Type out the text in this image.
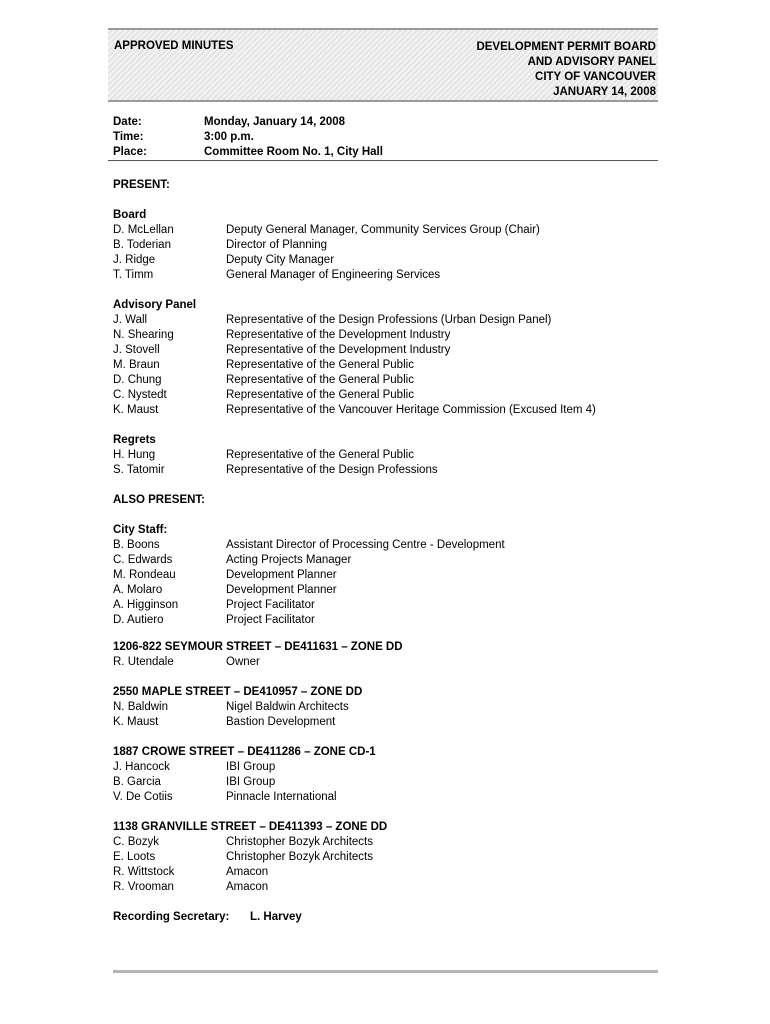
APPROVED MINUTES	DEVELOPMENT PERMIT BOARD
AND ADVISORY PANEL
CITY OF VANCOUVER
JANUARY 14, 2008
Date:	Monday, January 14, 2008
Time:	3:00 p.m.
Place:	Committee Room No. 1, City Hall
PRESENT:
Board
D. McLellan	Deputy General Manager, Community Services Group (Chair)
B. Toderian	Director of Planning
J. Ridge	Deputy City Manager
T. Timm	General Manager of Engineering Services
Advisory Panel
J. Wall	Representative of the Design Professions (Urban Design Panel)
N. Shearing	Representative of the Development Industry
J. Stovell	Representative of the Development Industry
M. Braun	Representative of the General Public
D. Chung	Representative of the General Public
C. Nystedt	Representative of the General Public
K. Maust	Representative of the Vancouver Heritage Commission (Excused Item 4)
Regrets
H. Hung	Representative of the General Public
S. Tatomir	Representative of the Design Professions
ALSO PRESENT:
City Staff:
B. Boons	Assistant Director of Processing Centre - Development
C. Edwards	Acting Projects Manager
M. Rondeau	Development Planner
A. Molaro	Development Planner
A. Higginson	Project Facilitator
D. Autiero	Project Facilitator
1206-822 SEYMOUR STREET – DE411631 – ZONE DD
R. Utendale	Owner
2550 MAPLE STREET – DE410957 – ZONE DD
N. Baldwin	Nigel Baldwin Architects
K. Maust	Bastion Development
1887 CROWE STREET – DE411286 – ZONE CD-1
J. Hancock	IBI Group
B. Garcia	IBI Group
V. De Cotiis	Pinnacle International
1138 GRANVILLE STREET – DE411393 – ZONE DD
C. Bozyk	Christopher Bozyk Architects
E. Loots	Christopher Bozyk Architects
R. Wittstock	Amacon
R. Vrooman	Amacon
Recording Secretary:	L. Harvey
